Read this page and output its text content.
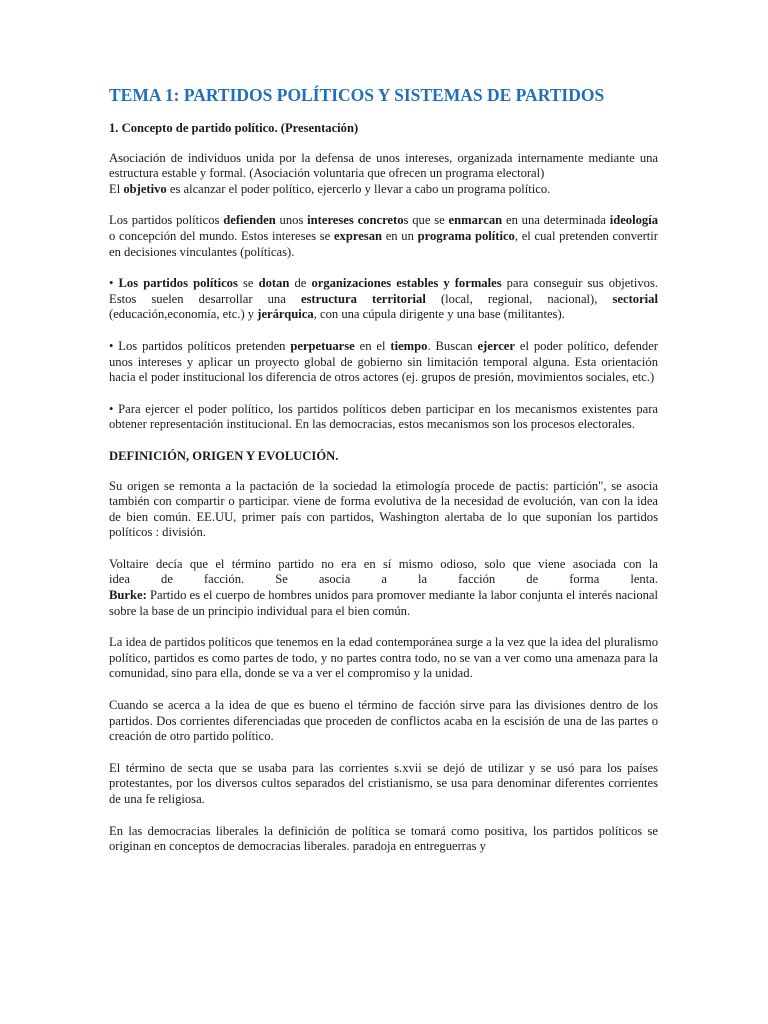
TEMA 1: PARTIDOS POLÍTICOS Y SISTEMAS DE PARTIDOS
1. Concepto de partido político. (Presentación)

Asociación de individuos unida por la defensa de unos intereses, organizada internamente mediante una estructura estable y formal. (Asociación voluntaria que ofrecen un programa electoral)

El objetivo es alcanzar el poder político, ejercerlo y llevar a cabo un programa político.

Los partidos políticos defienden unos intereses concretos que se enmarcan en una determinada ideología o concepción del mundo. Estos intereses se expresan en un programa político, el cual pretenden convertir en decisiones vinculantes (políticas).

• Los partidos políticos se dotan de organizaciones estables y formales para conseguir sus objetivos. Estos suelen desarrollar una estructura territorial (local, regional, nacional), sectorial (educación,economía, etc.) y jerárquica, con una cúpula dirigente y una base (militantes).

• Los partidos políticos pretenden perpetuarse en el tiempo. Buscan ejercer el poder político, defender unos intereses y aplicar un proyecto global de gobierno sin limitación temporal alguna. Esta orientación hacia el poder institucional los diferencia de otros actores (ej. grupos de presión, movimientos sociales, etc.)

• Para ejercer el poder político, los partidos políticos deben participar en los mecanismos existentes para obtener representación institucional. En las democracias, estos mecanismos son los procesos electorales.

DEFINICIÓN, ORIGEN Y EVOLUCIÓN.

Su origen se remonta a la pactación de la sociedad la etimología procede de pactis: partición", se asocia también con compartir o participar. viene de forma evolutiva de la necesidad de evolución, van con la idea de bien común. EE.UU, primer país con partidos, Washington alertaba de lo que suponían los partidos políticos : división.

Voltaire decía que el término partido no era en sí mismo odioso, solo que viene asociada con la
idea de facción. Se asocia a la facción de forma lenta.
Burke: Partido es el cuerpo de hombres unidos para promover mediante la labor conjunta el interés nacional sobre la base de un principio individual para el bien común.

La idea de partidos políticos que tenemos en la edad contemporánea surge a la vez que la idea del pluralismo político, partidos es como partes de todo, y no partes contra todo, no se van a ver como una amenaza para la comunidad, sino para ella, donde se va a ver el compromiso y la unidad.

Cuando se acerca a la idea de que es bueno el término de facción sirve para las divisiones dentro de los partidos. Dos corrientes diferenciadas que proceden de conflictos acaba en la escisión de una de las partes o creación de otro partido político.

El término de secta que se usaba para las corrientes s.xvii se dejó de utilizar y se usó para los países protestantes, por los diversos cultos separados del cristianismo, se usa para denominar diferentes corrientes de una fe religiosa.

En las democracias liberales la definición de política se tomará como positiva, los partidos políticos se originan en conceptos de democracias liberales. paradoja en entreguerras y
